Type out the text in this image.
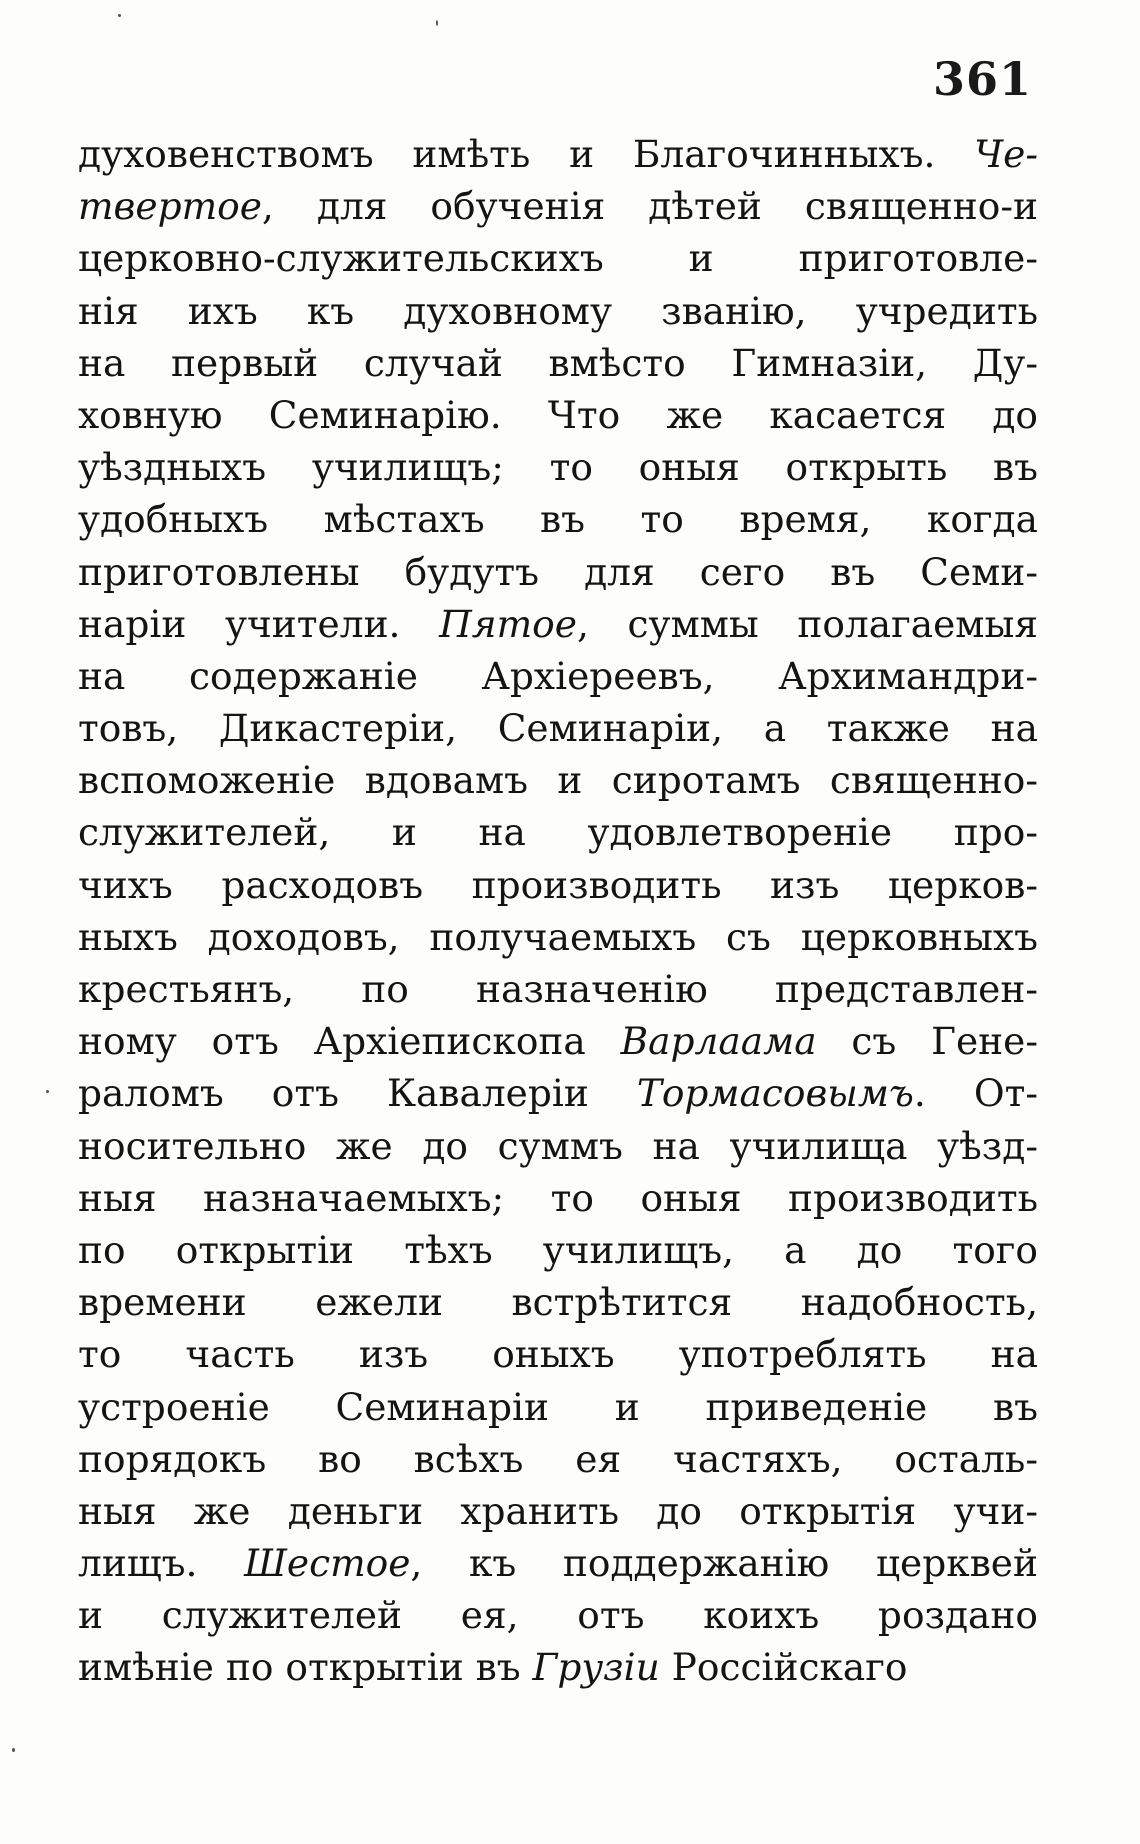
361
духовенствомъ имѣть и Благочинныхъ. Че-
твертое, для обученія дѣтей священно-и
церковно-служительскихъ и приготовле-
нія ихъ къ духовному званію, учредить
на первый случай вмѣсто Гимназіи, Ду-
ховную Семинарію. Что же касается до
уѣздныхъ училищъ; то оныя открыть въ
удобныхъ мѣстахъ въ то время, когда
приготовлены будутъ для сего въ Семи-
наріи учители. Пятое, суммы полагаемыя
на содержаніе Архіереевъ, Архимандри-
товъ, Дикастеріи, Семинаріи, а также на
вспоможеніе вдовамъ и сиротамъ священно-
служителей, и на удовлетвореніе про-
чихъ расходовъ производить изъ церков-
ныхъ доходовъ, получаемыхъ съ церковныхъ
крестьянъ, по назначенію представлен-
ному отъ Архіепископа Варлаама съ Гене-
раломъ отъ Кавалеріи Тормасовымъ. От-
носительно же до суммъ на училища уѣзд-
ныя назначаемыхъ; то оныя производить
по открытіи тѣхъ училищъ, а до того
времени ежели встрѣтится надобность,
то часть изъ оныхъ употреблять на
устроеніе Семинаріи и приведеніе въ
порядокъ во всѣхъ ея частяхъ, осталь-
ныя же деньги хранить до открытія учи-
лищъ. Шестое, къ поддержанію церквей
и служителей ея, отъ коихъ роздано
имѣніе по открытіи въ Грузіи Россійскаго
